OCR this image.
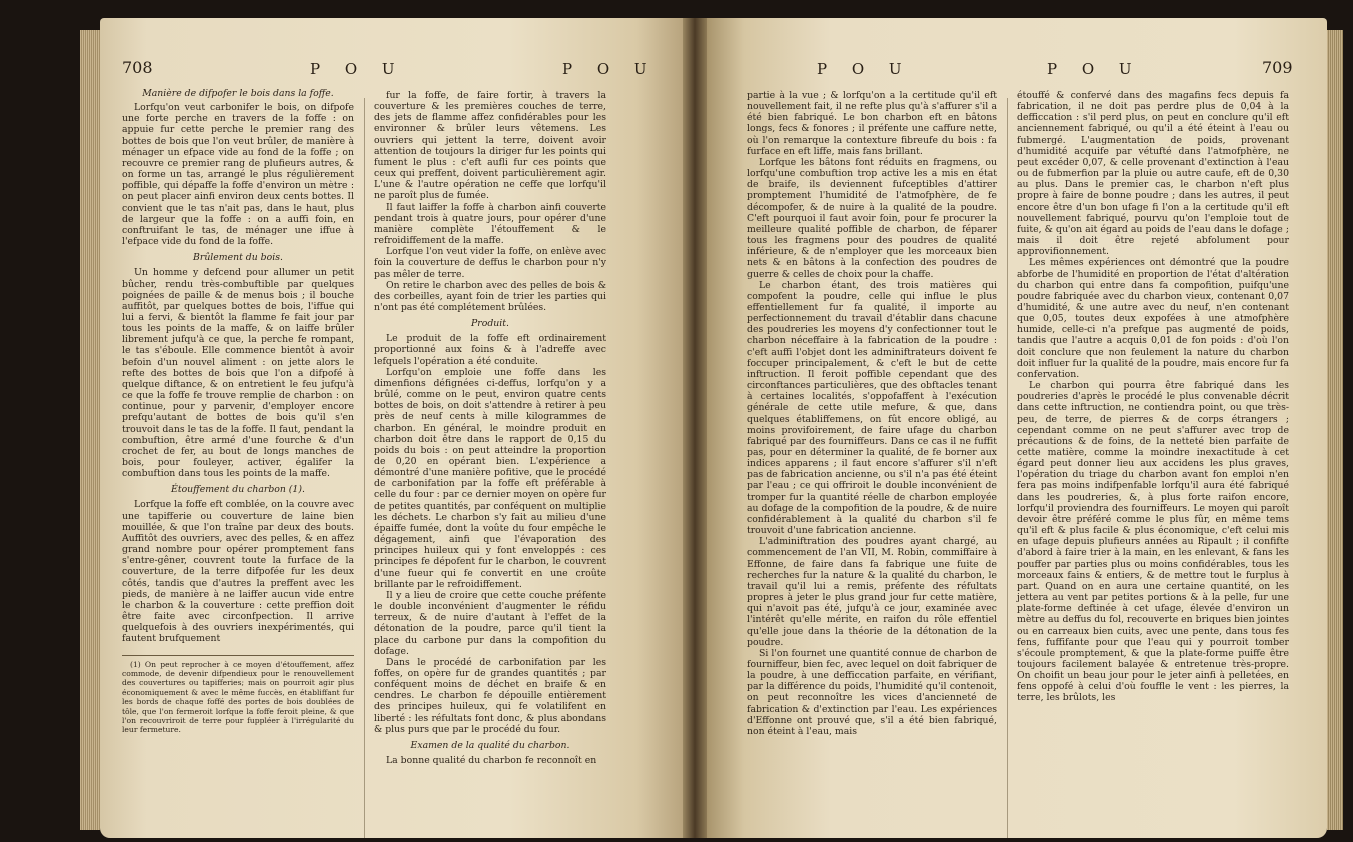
708	P O U	P O U
Manière de difpofer le bois dans la foffe.

Lorfqu'on veut carbonifer le bois, on difpofe une forte perche en travers de la foffe : on appuie fur cette perche le premier rang des bottes de bois que l'on veut brûler, de manière à ménager un efpace vide au fond de la foffe ; on recouvre ce premier rang de plufieurs autres, & on forme un tas, arrangé le plus régulièrement poffible, qui dépaffe la foffe d'environ un mètre : on peut placer ainfi environ deux cents bottes. Il convient que le tas n'ait pas, dans le haut, plus de largeur que la foffe : on a auffi foin, en conftruifant le tas, de ménager une iffue à l'efpace vide du fond de la foffe.

Brûlement du bois.

Un homme y defcend pour allumer un petit bûcher, rendu très-combuftible par quelques poignées de paille & de menus bois ; il bouche auffitôt, par quelques bottes de bois, l'iffue qui lui a fervi, & bientôt la flamme fe fait jour par tous les points de la maffe, & on laiffe brûler librement jufqu'à ce que, la perche fe rompant, le tas s'éboule. Elle commence bientôt à avoir befoin d'un nouvel aliment : on jette alors le refte des bottes de bois que l'on a difpofé à quelque diftance, & on entretient le feu jufqu'à ce que la foffe fe trouve remplie de charbon : on continue, pour y parvenir, d'employer encore prefqu'autant de bottes de bois qu'il s'en trouvoit dans le tas de la foffe. Il faut, pendant la combuftion, être armé d'une fourche & d'un crochet de fer, au bout de longs manches de bois, pour fouleyer, activer, égalifer la combuftion dans tous les points de la maffe.

Étouffement du charbon (1).

Lorfque la foffe eft comblée, on la couvre avec une tapifferie ou couverture de laine bien mouillée, & que l'on traîne par deux des bouts. Auffitôt des ouvriers, avec des pelles, & en affez grand nombre pour opérer promptement fans s'entre-gêner, couvrent toute la furface de la couverture, de la terre difpofée fur les deux côtés, tandis que d'autres la preffent avec les pieds, de manière à ne laiffer aucun vide entre le charbon & la couverture : cette preffion doit être faite avec circonfpection. Il arrive quelquefois à des ouvriers inexpérimentés, qui fautent brufquement

(1) On peut reprocher à ce moyen d'étouffement, affez commode, de devenir difpendieux pour le renouvellement des couvertures ou tapifferies; mais on pourroit agir plus économiquement & avec le même fuccès, en établiffant fur les bords de chaque foffé des portes de bois doublées de tôle, que l'on fermeroit lorfque la foffe feroit pleine, & que l'on recouvriroit de terre pour fuppléer à l'irrégularité du leur fermeture.

fur la foffe, de faire fortir, à travers la couverture & les premières couches de terre, des jets de flamme affez confidérables pour les environner & brûler leurs vêtemens. Les ouvriers qui jettent la terre, doivent avoir attention de toujours la diriger fur les points qui fument le plus : c'eft aufli fur ces points que ceux qui preffent, doivent particulièrement agir. L'une & l'autre opération ne ceffe que lorfqu'il ne paroît plus de fumée.

Il faut laiffer la foffe à charbon ainfi couverte pendant trois à quatre jours, pour opérer d'une manière complète l'étouffement & le refroidiffement de la maffe.

Lorfque l'on veut vider la foffe, on enlève avec foin la couverture de deffus le charbon pour n'y pas mêler de terre.

On retire le charbon avec des pelles de bois & des corbeilles, ayant foin de trier les parties qui n'ont pas été complétement brûlées.

Produit.

Le produit de la foffe eft ordinairement proportionné aux foins & à l'adreffe avec lefquels l'opération a été conduite.

Lorfqu'on emploie une foffe dans les dimenfions défignées ci-deffus, lorfqu'on y a brûlé, comme on le peut, environ quatre cents bottes de bois, on doit s'attendre à retirer à peu près de neuf cents à mille kilogrammes de charbon. En général, le moindre produit en charbon doit être dans le rapport de 0,15 du poids du bois : on peut atteindre la proportion de 0,20 en opérant bien. L'expérience a démontré d'une manière pofitive, que le procédé de carbonifation par la foffe eft préférable à celle du four : par ce dernier moyen on opère fur de petites quantités, par conféquent on multiplie les déchets. Le charbon s'y fait au milieu d'une épaiffe fumée, dont la voûte du four empêche le dégagement, ainfi que l'évaporation des principes huileux qui y font enveloppés : ces principes fe dépofent fur le charbon, le couvrent d'une fueur qui fe convertit en une croûte brillante par le refroidiffement.

Il y a lieu de croire que cette couche préfente le double inconvénient d'augmenter le réfidu terreux, & de nuire d'autant à l'effet de la détonation de la poudre, parce qu'il tient la place du carbone pur dans la compofition du dofage.

Dans le procédé de carbonifation par les foffes, on opère fur de grandes quantités ; par conféquent moins de déchet en braife & en cendres. Le charbon fe dépouille entièrement des principes huileux, qui fe volatilifent en liberté : les réfultats font donc, & plus abondans & plus purs que par le procédé du four.

Examen de la qualité du charbon.

La bonne qualité du charbon fe reconnoît en

P O U	P O U	709

partie à la vue ; & lorfqu'on a la certitude qu'il eft nouvellement fait, il ne refte plus qu'à s'affurer s'il a été bien fabriqué. Le bon charbon eft en bâtons longs, fecs & fonores ; il préfente une caffure nette, où l'on remarque la contexture fibreufe du bois : fa furface en eft liffe, mais fans brillant.

Lorfque les bâtons font réduits en fragmens, ou lorfqu'une combuftion trop active les a mis en état de braife, ils deviennent fufceptibles d'attirer promptement l'humidité de l'atmofphère, de fe décompofer, & de nuire à la qualité de la poudre. C'eft pourquoi il faut avoir foin, pour fe procurer la meilleure qualité poffible de charbon, de féparer tous les fragmens pour des poudres de qualité inférieure, & de n'employer que les morceaux bien nets & en bâtons à la confection des poudres de guerre & celles de choix pour la chaffe.

Le charbon étant, des trois matières qui compofent la poudre, celle qui influe le plus effentiellement fur fa qualité, il importe au perfectionnement du travail d'établir dans chacune des poudreries les moyens d'y confectionner tout le charbon néceffaire à la fabrication de la poudre : c'eft auffi l'objet dont les adminiftrateurs doivent fe foccuper principalement, & c'eft le but de cette inftruction. Il feroit poffible cependant que des circonftances particulières, que des obftacles tenant à certaines localités, s'oppofaffent à l'exécution générale de cette utile mefure, & que, dans quelques établiffemens, on fût encore obligé, au moins provifoirement, de faire ufage du charbon fabriqué par des fourniffeurs. Dans ce cas il ne fuffit pas, pour en déterminer la qualité, de fe borner aux indices apparens ; il faut encore s'affurer s'il n'eft pas de fabrication ancienne, ou s'il n'a pas été éteint par l'eau ; ce qui offriroit le double inconvénient de tromper fur la quantité réelle de charbon employée au dofage de la compofition de la poudre, & de nuire confidérablement à la qualité du charbon s'il fe trouvoit d'une fabrication ancienne.

L'adminiftration des poudres ayant chargé, au commencement de l'an VII, M. Robin, commiffaire à Effonne, de faire dans fa fabrique une fuite de recherches fur la nature & la qualité du charbon, le travail qu'il lui a remis, préfente des réfultats propres à jeter le plus grand jour fur cette matière, qui n'avoit pas été, jufqu'à ce jour, examinée avec l'intérêt qu'elle mérite, en raifon du rôle effentiel qu'elle joue dans la théorie de la détonation de la poudre.

Si l'on fournet une quantité connue de charbon de fourniffeur, bien fec, avec lequel on doit fabriquer de la poudre, à une defficcation parfaite, en vérifiant, par la différence du poids, l'humidité qu'il contenoit, on peut reconnoître les vices d'ancienneté de fabrication & d'extinction par l'eau. Les expériences d'Effonne ont prouvé que, s'il a été bien fabriqué, non éteint à l'eau, mais

étouffé & confervé dans des magafins fecs depuis fa fabrication, il ne doit pas perdre plus de 0,04 à la defficcation : s'il perd plus, on peut en conclure qu'il eft anciennement fabriqué, ou qu'il a été éteint à l'eau ou fubmergé. L'augmentation de poids, provenant d'humidité acquife par vétufté dans l'atmofphère, ne peut excéder 0,07, & celle provenant d'extinction à l'eau ou de fubmerfion par la pluie ou autre caufe, eft de 0,30 au plus. Dans le premier cas, le charbon n'eft plus propre à faire de bonne poudre ; dans les autres, il peut encore être d'un bon ufage fi l'on a la certitude qu'il eft nouvellement fabriqué, pourvu qu'on l'emploie tout de fuite, & qu'on ait égard au poids de l'eau dans le dofage ; mais il doit être rejeté abfolument pour approvifionnement.

Les mêmes expériences ont démontré que la poudre abforbe de l'humidité en proportion de l'état d'altération du charbon qui entre dans fa compofition, puifqu'une poudre fabriquée avec du charbon vieux, contenant 0,07 d'humidité, & une autre avec du neuf, n'en contenant que 0,05, toutes deux expofées à une atmofphère humide, celle-ci n'a prefque pas augmenté de poids, tandis que l'autre a acquis 0,01 de fon poids : d'où l'on doit conclure que non feulement la nature du charbon doit influer fur la qualité de la poudre, mais encore fur fa confervation.

Le charbon qui pourra être fabriqué dans les poudreries d'après le procédé le plus convenable décrit dans cette inftruction, ne contiendra point, ou que très-peu, de terre, de pierres & de corps étrangers ; cependant comme on ne peut s'affurer avec trop de précautions & de foins, de la netteté bien parfaite de cette matière, comme la moindre inexactitude à cet égard peut donner lieu aux accidens les plus graves, l'opération du triage du charbon avant fon emploi n'en fera pas moins indifpenfable lorfqu'il aura été fabriqué dans les poudreries, &, à plus forte raifon encore, lorfqu'il proviendra des fourniffeurs. Le moyen qui paroît devoir être préféré comme le plus fûr, en même tems qu'il eft & plus facile & plus économique, c'eft celui mis en ufage depuis plufieurs années au Ripault ; il confifte d'abord à faire trier à la main, en les enlevant, & fans les pouffer par parties plus ou moins confidérables, tous les morceaux fains & entiers, & de mettre tout le furplus à part. Quand on en aura une certaine quantité, on les jettera au vent par petites portions & à la pelle, fur une plate-forme deftinée à cet ufage, élevée d'environ un mètre au deffus du fol, recouverte en briques bien jointes ou en carreaux bien cuits, avec une pente, dans tous fes fens, fuffifante pour que l'eau qui y pourroit tomber s'écoule promptement, & que la plate-forme puiffe être toujours facilement balayée & entretenue très-propre. On choifit un beau jour pour le jeter ainfi à pelletées, en fens oppofé à celui d'où fouffle le vent : les pierres, la terre, les brûlots, les
